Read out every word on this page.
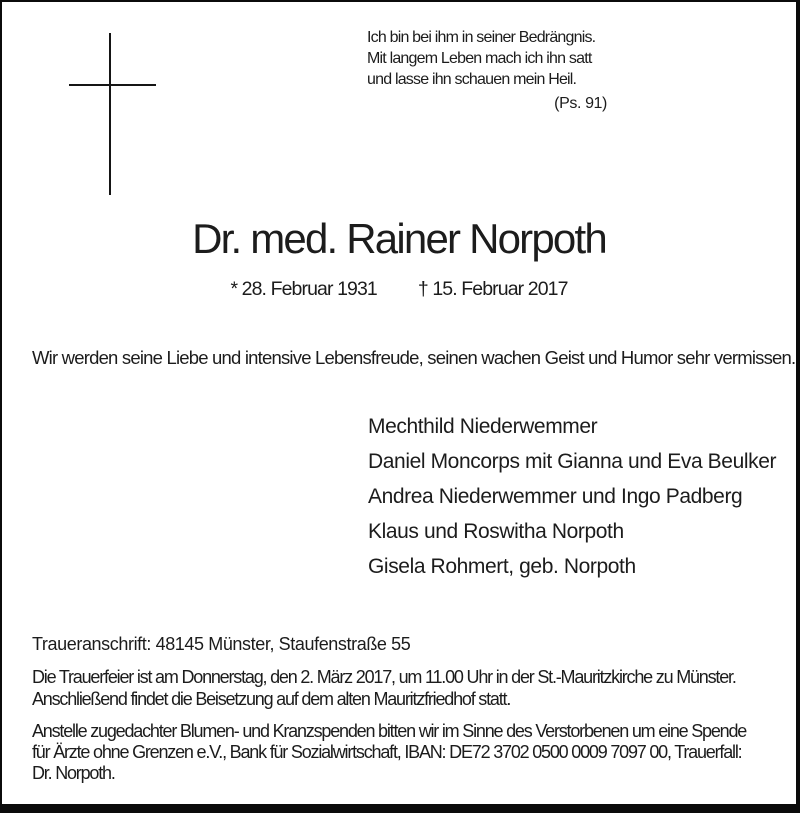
Ich bin bei ihm in seiner Bedrängnis.
Mit langem Leben mach ich ihn satt
und lasse ihn schauen mein Heil.
(Ps. 91)
Dr. med. Rainer Norpoth
* 28. Februar 1931 † 15. Februar 2017

Wir werden seine Liebe und intensive Lebensfreude, seinen wachen Geist und Humor sehr vermissen.

Mechthild Niederwemmer
Daniel Moncorps mit Gianna und Eva Beulker
Andrea Niederwemmer und Ingo Padberg
Klaus und Roswitha Norpoth
Gisela Rohmert, geb. Norpoth
Traueranschrift: 48145 Münster, Staufenstraße 55
Die Trauerfeier ist am Donnerstag, den 2. März 2017, um 11.00 Uhr in der St.-Mauritzkirche zu Münster.
Anschließend findet die Beisetzung auf dem alten Mauritzfriedhof statt.
Anstelle zugedachter Blumen- und Kranzspenden bitten wir im Sinne des Verstorbenen um eine Spende
für Ärzte ohne Grenzen e.V., Bank für Sozialwirtschaft, IBAN: DE72 3702 0500 0009 7097 00, Trauerfall:
Dr. Norpoth.
